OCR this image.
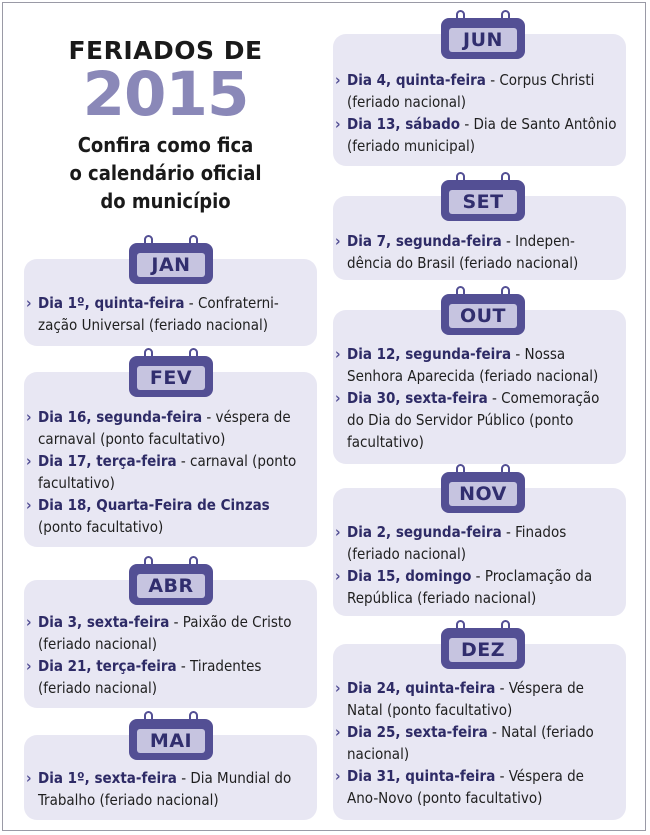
FERIADOS DE
2015
Confira como fica
o calendário oficial
do município
JAN
› Dia 1º, quinta-feira - Confraterni-zação Universal (feriado nacional)
FEV
› Dia 16, segunda-feira - véspera de carnaval (ponto facultativo)
› Dia 17, terça-feira - carnaval (ponto facultativo)
› Dia 18, Quarta-Feira de Cinzas (ponto facultativo)
ABR
› Dia 3, sexta-feira - Paixão de Cristo (feriado nacional)
› Dia 21, terça-feira - Tiradentes (feriado nacional)
MAI
› Dia 1º, sexta-feira - Dia Mundial do Trabalho (feriado nacional)
JUN
› Dia 4, quinta-feira - Corpus Christi (feriado nacional)
› Dia 13, sábado - Dia de Santo Antônio (feriado municipal)
SET
› Dia 7, segunda-feira - Indepen-dência do Brasil (feriado nacional)
OUT
› Dia 12, segunda-feira - Nossa Senhora Aparecida (feriado nacional)
› Dia 30, sexta-feira - Comemoração do Dia do Servidor Público (ponto facultativo)
NOV
› Dia 2, segunda-feira - Finados (feriado nacional)
› Dia 15, domingo - Proclamação da República (feriado nacional)
DEZ
› Dia 24, quinta-feira - Véspera de Natal (ponto facultativo)
› Dia 25, sexta-feira - Natal (feriado nacional)
› Dia 31, quinta-feira - Véspera de Ano-Novo (ponto facultativo)
